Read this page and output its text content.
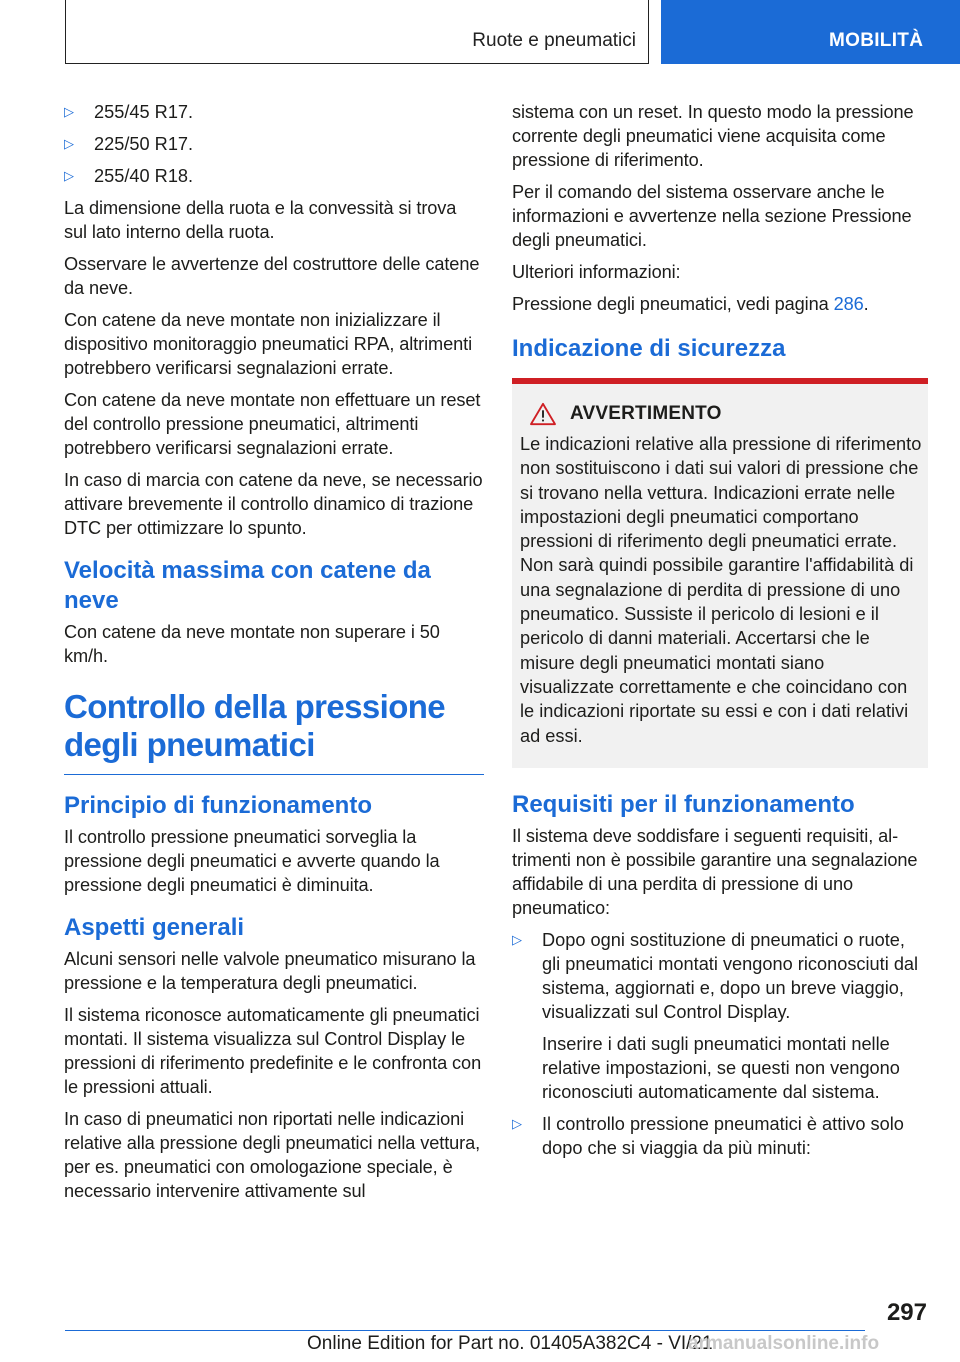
Ruote e pneumatici	MOBILITÀ
▷	255/45 R17.
▷	225/50 R17.
▷	255/40 R18.

La dimensione della ruota e la convessità si trova sul lato interno della ruota.

Osservare le avvertenze del costruttore delle catene da neve.

Con catene da neve montate non inizializzare il dispositivo monitoraggio pneumatici RPA, altrimenti potrebbero verificarsi segnalazioni errate.

Con catene da neve montate non effettuare un reset del controllo pressione pneumatici, altrimenti potrebbero verificarsi segnalazioni errate.

In caso di marcia con catene da neve, se necessario attivare brevemente il controllo dinamico di trazione DTC per ottimizzare lo spunto.

Velocità massima con catene da neve

Con catene da neve montate non superare i 50 km/h.

Controllo della pressione degli pneumatici
Principio di funzionamento

Il controllo pressione pneumatici sorveglia la pressione degli pneumatici e avverte quando la pressione degli pneumatici è diminuita.

Aspetti generali

Alcuni sensori nelle valvole pneumatico misurano la pressione e la temperatura degli pneumatici.

Il sistema riconosce automaticamente gli pneumatici montati. Il sistema visualizza sul Control Display le pressioni di riferimento predefinite e le confronta con le pressioni attuali.

In caso di pneumatici non riportati nelle indicazioni relative alla pressione degli pneumatici nella vettura, per es. pneumatici con omologazione speciale, è necessario intervenire attivamente sul

sistema con un reset. In questo modo la pressione corrente degli pneumatici viene acquisita come pressione di riferimento.

Per il comando del sistema osservare anche le informazioni e avvertenze nella sezione Pressione degli pneumatici.

Ulteriori informazioni:

Pressione degli pneumatici, vedi pagina 286.

Indicazione di sicurezza
AVVERTIMENTO

Le indicazioni relative alla pressione di riferimento non sostituiscono i dati sui valori di pressione che si trovano nella vettura. Indicazioni errate nelle impostazioni degli pneumatici comportano pressioni di riferimento degli pneumatici errate. Non sarà quindi possibile garantire l'affidabilità di una segnalazione di perdita di pressione di uno pneumatico. Sussiste il pericolo di lesioni e il pericolo di danni materiali. Accertarsi che le misure degli pneumatici montati siano visualizzate correttamente e che coincidano con le indicazioni riportate su essi e con i dati relativi ad essi.

Requisiti per il funzionamento

Il sistema deve soddisfare i seguenti requisiti, altrimenti non è possibile garantire una segnalazione affidabile di una perdita di pressione di uno pneumatico:

▷	Dopo ogni sostituzione di pneumatici o ruote, gli pneumatici montati vengono riconosciuti dal sistema, aggiornati e, dopo un breve viaggio, visualizzati sul Control Display.

Inserire i dati sugli pneumatici montati nelle relative impostazioni, se questi non vengono riconosciuti automaticamente dal sistema.

▷	Il controllo pressione pneumatici è attivo solo dopo che si viaggia da più minuti:
297
Online Edition for Part no. 01405A382C4 - VI/21
armanualsonline.info
